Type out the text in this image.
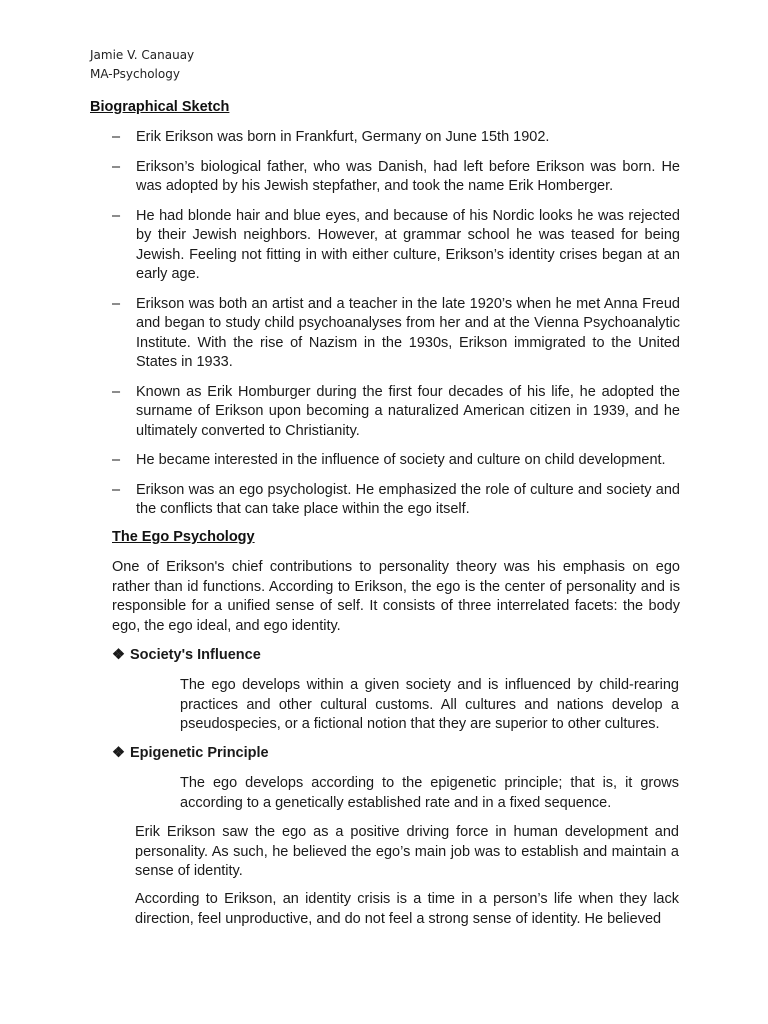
Jamie V. Canauay
MA-Psychology
Biographical Sketch
– Erik Erikson was born in Frankfurt, Germany on June 15th 1902.
– Erikson’s biological father, who was Danish, had left before Erikson was born. He was adopted by his Jewish stepfather, and took the name Erik Homberger.
– He had blonde hair and blue eyes, and because of his Nordic looks he was rejected by their Jewish neighbors. However, at grammar school he was teased for being Jewish. Feeling not fitting in with either culture, Erikson’s identity crises began at an early age.
– Erikson was both an artist and a teacher in the late 1920’s when he met Anna Freud and began to study child psychoanalyses from her and at the Vienna Psychoanalytic Institute. With the rise of Nazism in the 1930s, Erikson immigrated to the United States in 1933.
– Known as Erik Homburger during the first four decades of his life, he adopted the surname of Erikson upon becoming a naturalized American citizen in 1939, and he ultimately converted to Christianity.
– He became interested in the influence of society and culture on child development.
– Erikson was an ego psychologist. He emphasized the role of culture and society and the conflicts that can take place within the ego itself.
The Ego Psychology

One of Erikson's chief contributions to personality theory was his emphasis on ego rather than id functions. According to Erikson, the ego is the center of personality and is responsible for a unified sense of self. It consists of three interrelated facets: the body ego, the ego ideal, and ego identity.

❖ Society's Influence

The ego develops within a given society and is influenced by child-rearing practices and other cultural customs. All cultures and nations develop a pseudospecies, or a fictional notion that they are superior to other cultures.

❖ Epigenetic Principle

The ego develops according to the epigenetic principle; that is, it grows according to a genetically established rate and in a fixed sequence.

Erik Erikson saw the ego as a positive driving force in human development and personality. As such, he believed the ego’s main job was to establish and maintain a sense of identity.

According to Erikson, an identity crisis is a time in a person’s life when they lack direction, feel unproductive, and do not feel a strong sense of identity. He believed
